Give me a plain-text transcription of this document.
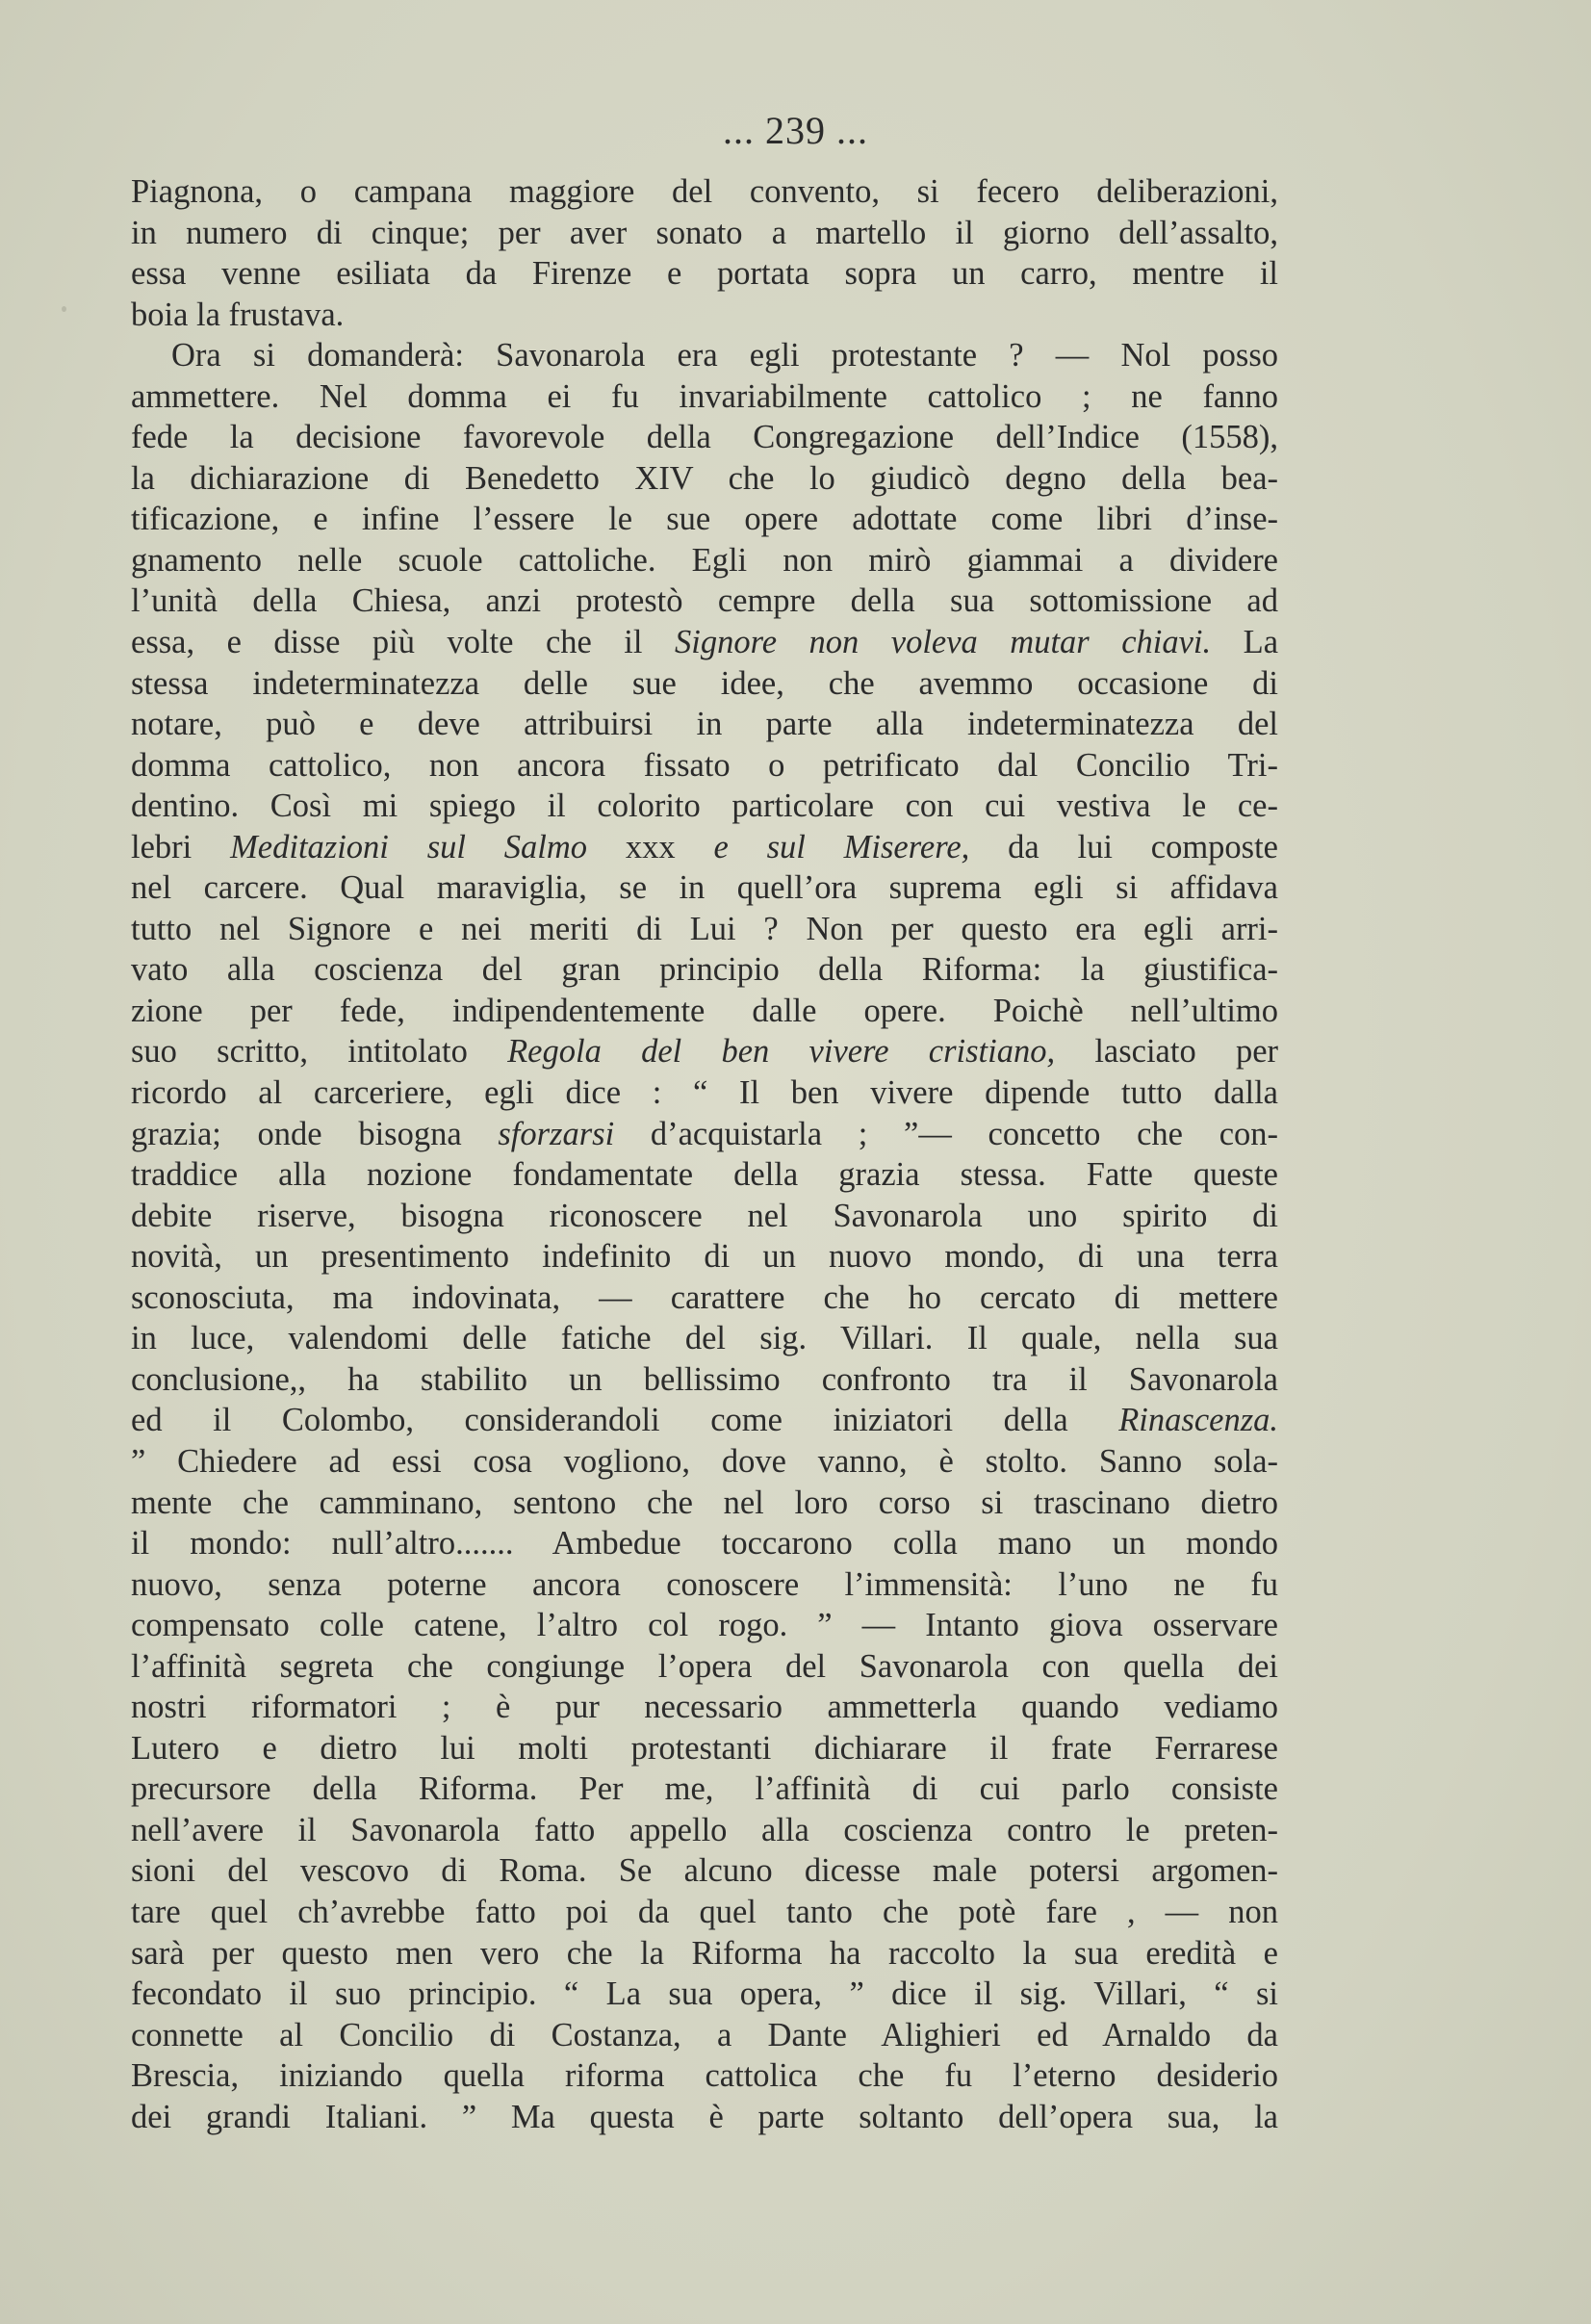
... 239 ...
Piagnona, o campana maggiore del convento, si fecero deliberazioni,
in numero di cinque; per aver sonato a martello il giorno dell’assalto,
essa venne esiliata da Firenze e portata sopra un carro, mentre il
boia la frustava.
Ora si domanderà: Savonarola era egli protestante ? — Nol posso
ammettere. Nel domma ei fu invariabilmente cattolico ; ne fanno
fede la decisione favorevole della Congregazione dell’Indice (1558),
la dichiarazione di Benedetto XIV che lo giudicò degno della bea-
tificazione, e infine l’essere le sue opere adottate come libri d’inse-
gnamento nelle scuole cattoliche. Egli non mirò giammai a dividere
l’unità della Chiesa, anzi protestò cempre della sua sottomissione ad
essa, e disse più volte che il Signore non voleva mutar chiavi. La
stessa indeterminatezza delle sue idee, che avemmo occasione di
notare, può e deve attribuirsi in parte alla indeterminatezza del
domma cattolico, non ancora fissato o petrificato dal Concilio Tri-
dentino. Così mi spiego il colorito particolare con cui vestiva le ce-
lebri Meditazioni sul Salmo xxx e sul Miserere, da lui composte
nel carcere. Qual maraviglia, se in quell’ora suprema egli si affidava
tutto nel Signore e nei meriti di Lui ? Non per questo era egli arri-
vato alla coscienza del gran principio della Riforma: la giustifica-
zione per fede, indipendentemente dalle opere. Poichè nell’ultimo
suo scritto, intitolato Regola del ben vivere cristiano, lasciato per
ricordo al carceriere, egli dice : “ Il ben vivere dipende tutto dalla
grazia; onde bisogna sforzarsi d’acquistarla ; ”— concetto che con-
traddice alla nozione fondamentate della grazia stessa. Fatte queste
debite riserve, bisogna riconoscere nel Savonarola uno spirito di
novità, un presentimento indefinito di un nuovo mondo, di una terra
sconosciuta, ma indovinata, — carattere che ho cercato di mettere
in luce, valendomi delle fatiche del sig. Villari. Il quale, nella sua
conclusione,, ha stabilito un bellissimo confronto tra il Savonarola
ed il Colombo, considerandoli come iniziatori della Rinascenza.
” Chiedere ad essi cosa vogliono, dove vanno, è stolto. Sanno sola-
mente che camminano, sentono che nel loro corso si trascinano dietro
il mondo: null’altro....... Ambedue toccarono colla mano un mondo
nuovo, senza poterne ancora conoscere l’immensità: l’uno ne fu
compensato colle catene, l’altro col rogo. ” — Intanto giova osservare
l’affinità segreta che congiunge l’opera del Savonarola con quella dei
nostri riformatori ; è pur necessario ammetterla quando vediamo
Lutero e dietro lui molti protestanti dichiarare il frate Ferrarese
precursore della Riforma. Per me, l’affinità di cui parlo consiste
nell’avere il Savonarola fatto appello alla coscienza contro le preten-
sioni del vescovo di Roma. Se alcuno dicesse male potersi argomen-
tare quel ch’avrebbe fatto poi da quel tanto che potè fare , — non
sarà per questo men vero che la Riforma ha raccolto la sua eredità e
fecondato il suo principio. “ La sua opera, ” dice il sig. Villari, “ si
connette al Concilio di Costanza, a Dante Alighieri ed Arnaldo da
Brescia, iniziando quella riforma cattolica che fu l’eterno desiderio
dei grandi Italiani. ” Ma questa è parte soltanto dell’opera sua, la
